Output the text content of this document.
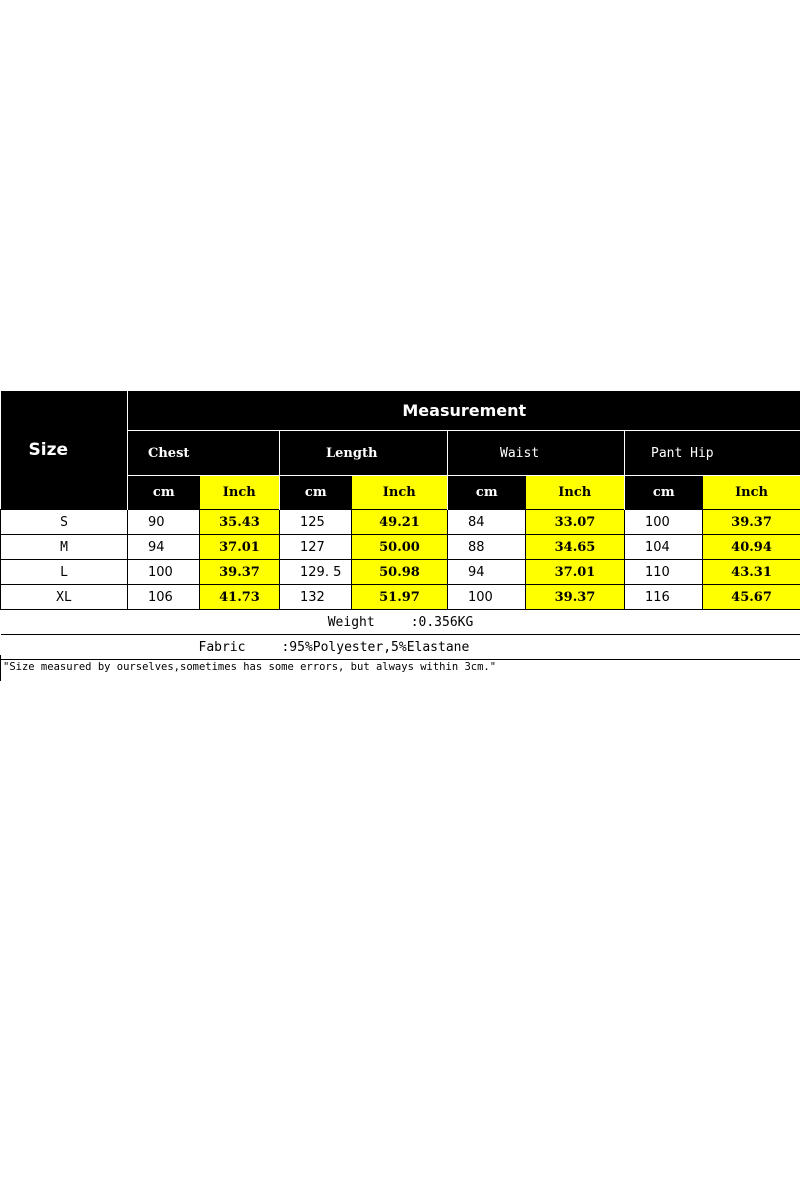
Size	Measurement							
	Chest		Length		Waist		Pant Hip	
	cm	Inch	cm	Inch	cm	Inch	cm	Inch
S	90	35.43	125	49.21	84	33.07	100	39.37
M	94	37.01	127	50.00	88	34.65	104	40.94
L	100	39.37	129. 5	50.98	94	37.01	110	43.31
XL	106	41.73	132	51.97	100	39.37	116	45.67
Weight :0.356KG								
Fabric :95%Polyester,5%Elastane								
"Size measured by ourselves,sometimes has some errors, but always within 3cm."
